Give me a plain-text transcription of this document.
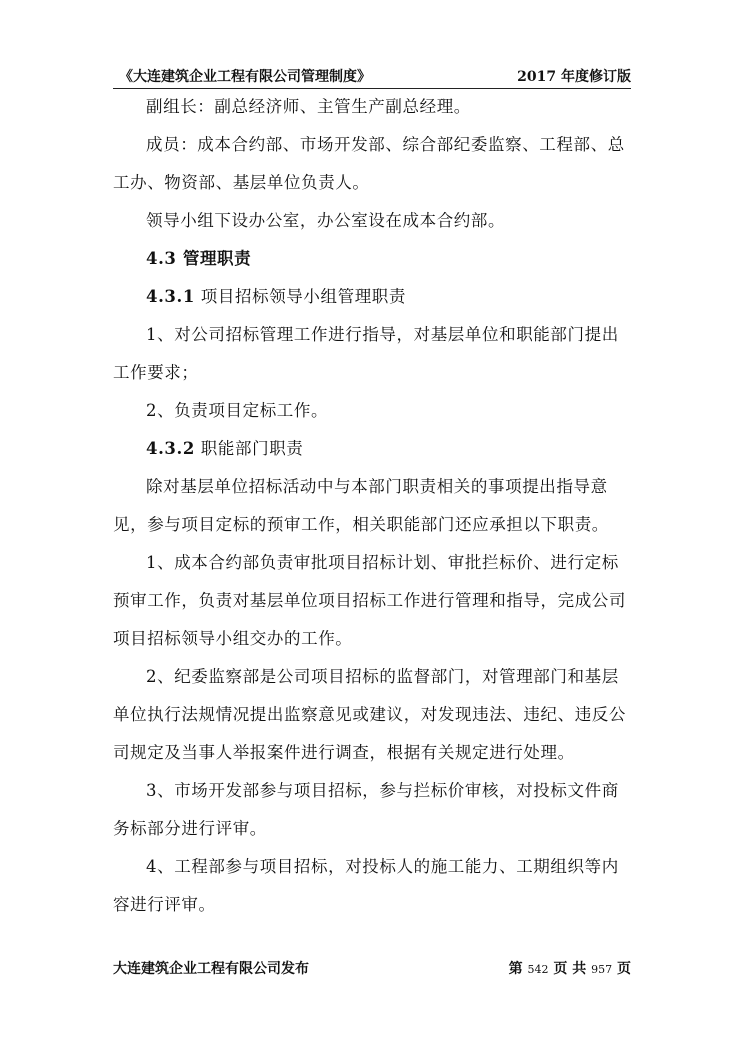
《大连建筑企业工程有限公司管理制度》	2017 年度修订版

副组长：副总经济师、主管生产副总经理。

成员：成本合约部、市场开发部、综合部纪委监察、工程部、总

工办、物资部、基层单位负责人。

领导小组下设办公室，办公室设在成本合约部。

4.3 管理职责

4.3.1 项目招标领导小组管理职责

1、对公司招标管理工作进行指导，对基层单位和职能部门提出

工作要求；

2、负责项目定标工作。

4.3.2 职能部门职责

除对基层单位招标活动中与本部门职责相关的事项提出指导意

见，参与项目定标的预审工作，相关职能部门还应承担以下职责。

1、成本合约部负责审批项目招标计划、审批拦标价、进行定标

预审工作，负责对基层单位项目招标工作进行管理和指导，完成公司

项目招标领导小组交办的工作。

2、纪委监察部是公司项目招标的监督部门，对管理部门和基层

单位执行法规情况提出监察意见或建议，对发现违法、违纪、违反公

司规定及当事人举报案件进行调查，根据有关规定进行处理。

3、市场开发部参与项目招标，参与拦标价审核，对投标文件商

务标部分进行评审。

4、工程部参与项目招标，对投标人的施工能力、工期组织等内

容进行评审。

大连建筑企业工程有限公司发布	第 542 页 共 957 页
